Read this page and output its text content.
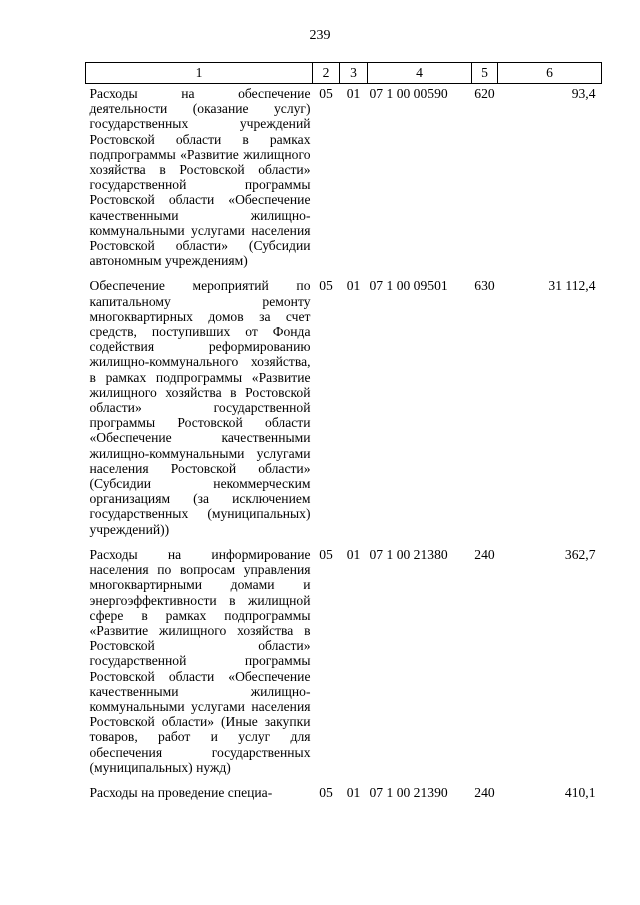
239
1	2	3	4	5	6
Расходы на обеспечение деятельности (оказание услуг) государственных учреждений Ростовской области в рамках подпрограммы «Развитие жилищного хозяйства в Ростовской области» государственной программы Ростовской области «Обеспечение качественными жилищно-коммунальными услугами населения Ростовской области» (Субсидии автономным учреждениям)	05	01	07 1 00 00590	620	93,4
Обеспечение мероприятий по капитальному ремонту многоквартирных домов за счет средств, поступивших от Фонда содействия реформированию жилищно-коммунального хозяйства, в рамках подпрограммы «Развитие жилищного хозяйства в Ростовской области» государственной программы Ростовской области «Обеспечение качественными жилищно-коммунальными услугами населения Ростовской области» (Субсидии некоммерческим организациям (за исключением государственных (муниципальных) учреждений))	05	01	07 1 00 09501	630	31 112,4
Расходы на информирование населения по вопросам управления многоквартирными домами и энергоэффективности в жилищной сфере в рамках подпрограммы «Развитие жилищного хозяйства в Ростовской области» государственной программы Ростовской области «Обеспечение качественными жилищно-коммунальными услугами населения Ростовской области» (Иные закупки товаров, работ и услуг для обеспечения государственных (муниципальных) нужд)	05	01	07 1 00 21380	240	362,7
Расходы на проведение специа-	05	01	07 1 00 21390	240	410,1
